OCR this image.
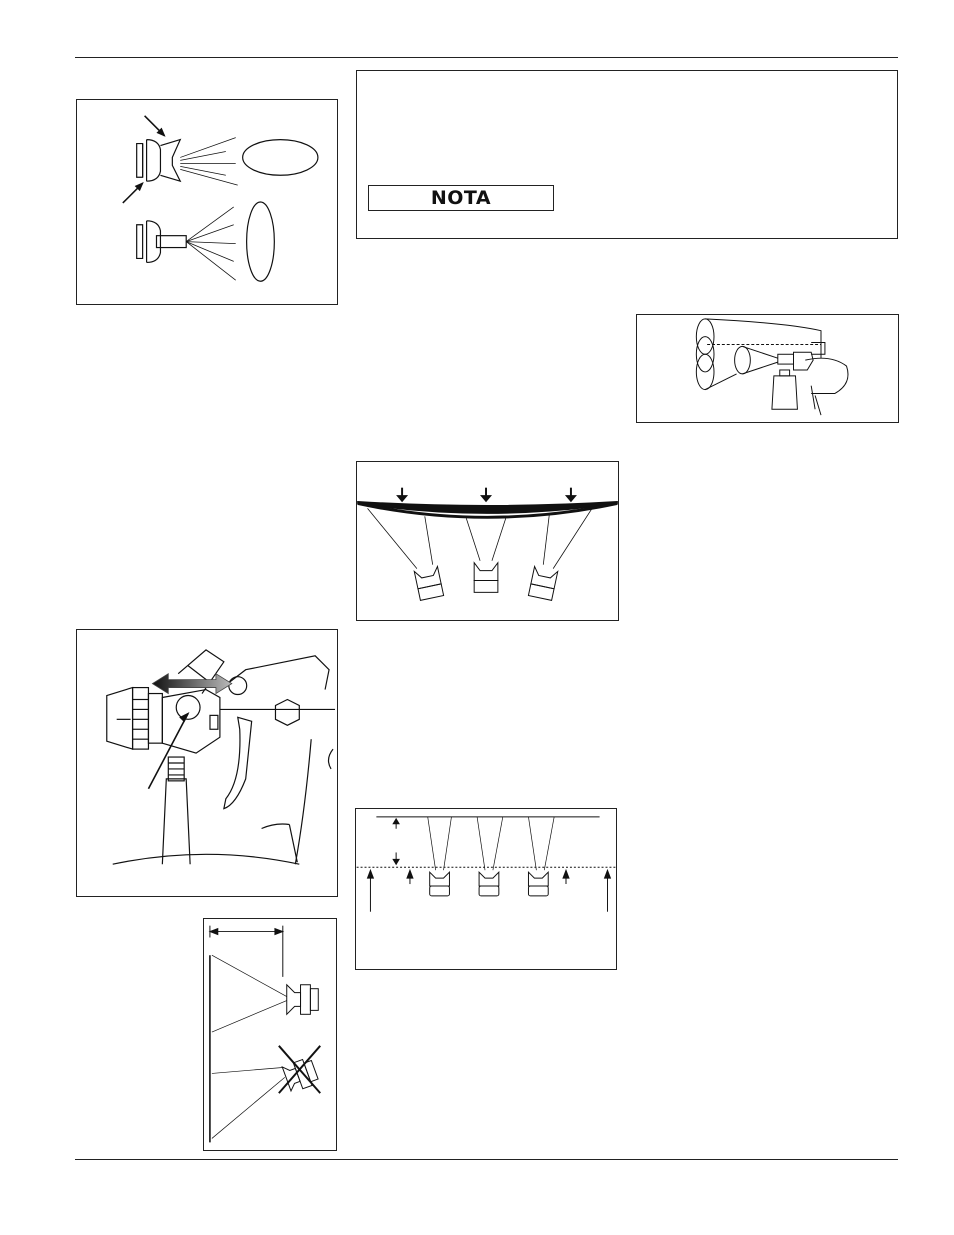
NOTA
